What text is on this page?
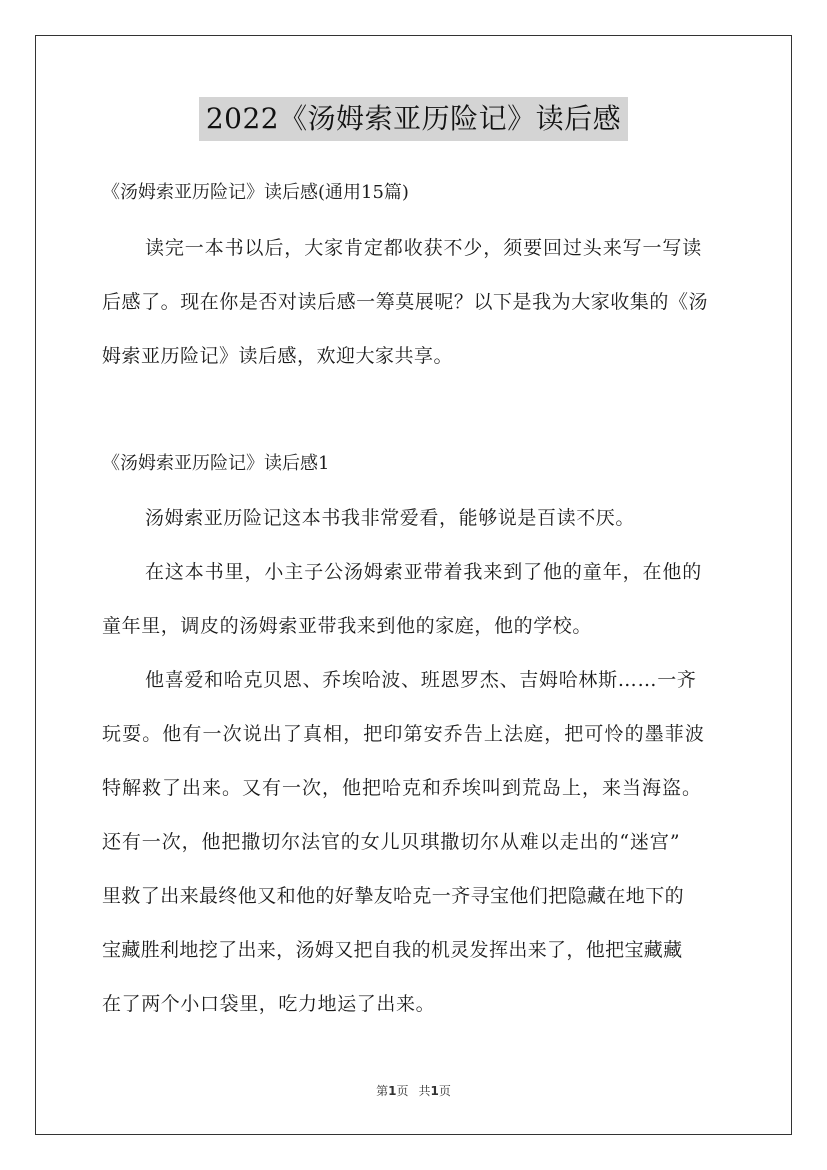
2022《汤姆索亚历险记》读后感
《汤姆索亚历险记》读后感(通用15篇)
读完一本书以后，大家肯定都收获不少，须要回过头来写一写读
后感了。现在你是否对读后感一筹莫展呢？以下是我为大家收集的《汤
姆索亚历险记》读后感，欢迎大家共享。
《汤姆索亚历险记》读后感1
汤姆索亚历险记这本书我非常爱看，能够说是百读不厌。
在这本书里，小主子公汤姆索亚带着我来到了他的童年，在他的
童年里，调皮的汤姆索亚带我来到他的家庭，他的学校。
他喜爱和哈克贝恩、乔埃哈波、班恩罗杰、吉姆哈林斯……一齐
玩耍。他有一次说出了真相，把印第安乔告上法庭，把可怜的墨菲波
特解救了出来。又有一次，他把哈克和乔埃叫到荒岛上，来当海盗。
还有一次，他把撒切尔法官的女儿贝琪撒切尔从难以走出的“迷宫”
里救了出来最终他又和他的好摯友哈克一齐寻宝他们把隐藏在地下的
宝藏胜利地挖了出来，汤姆又把自我的机灵发挥出来了，他把宝藏藏
在了两个小口袋里，吃力地运了出来。
第1页 共1页
